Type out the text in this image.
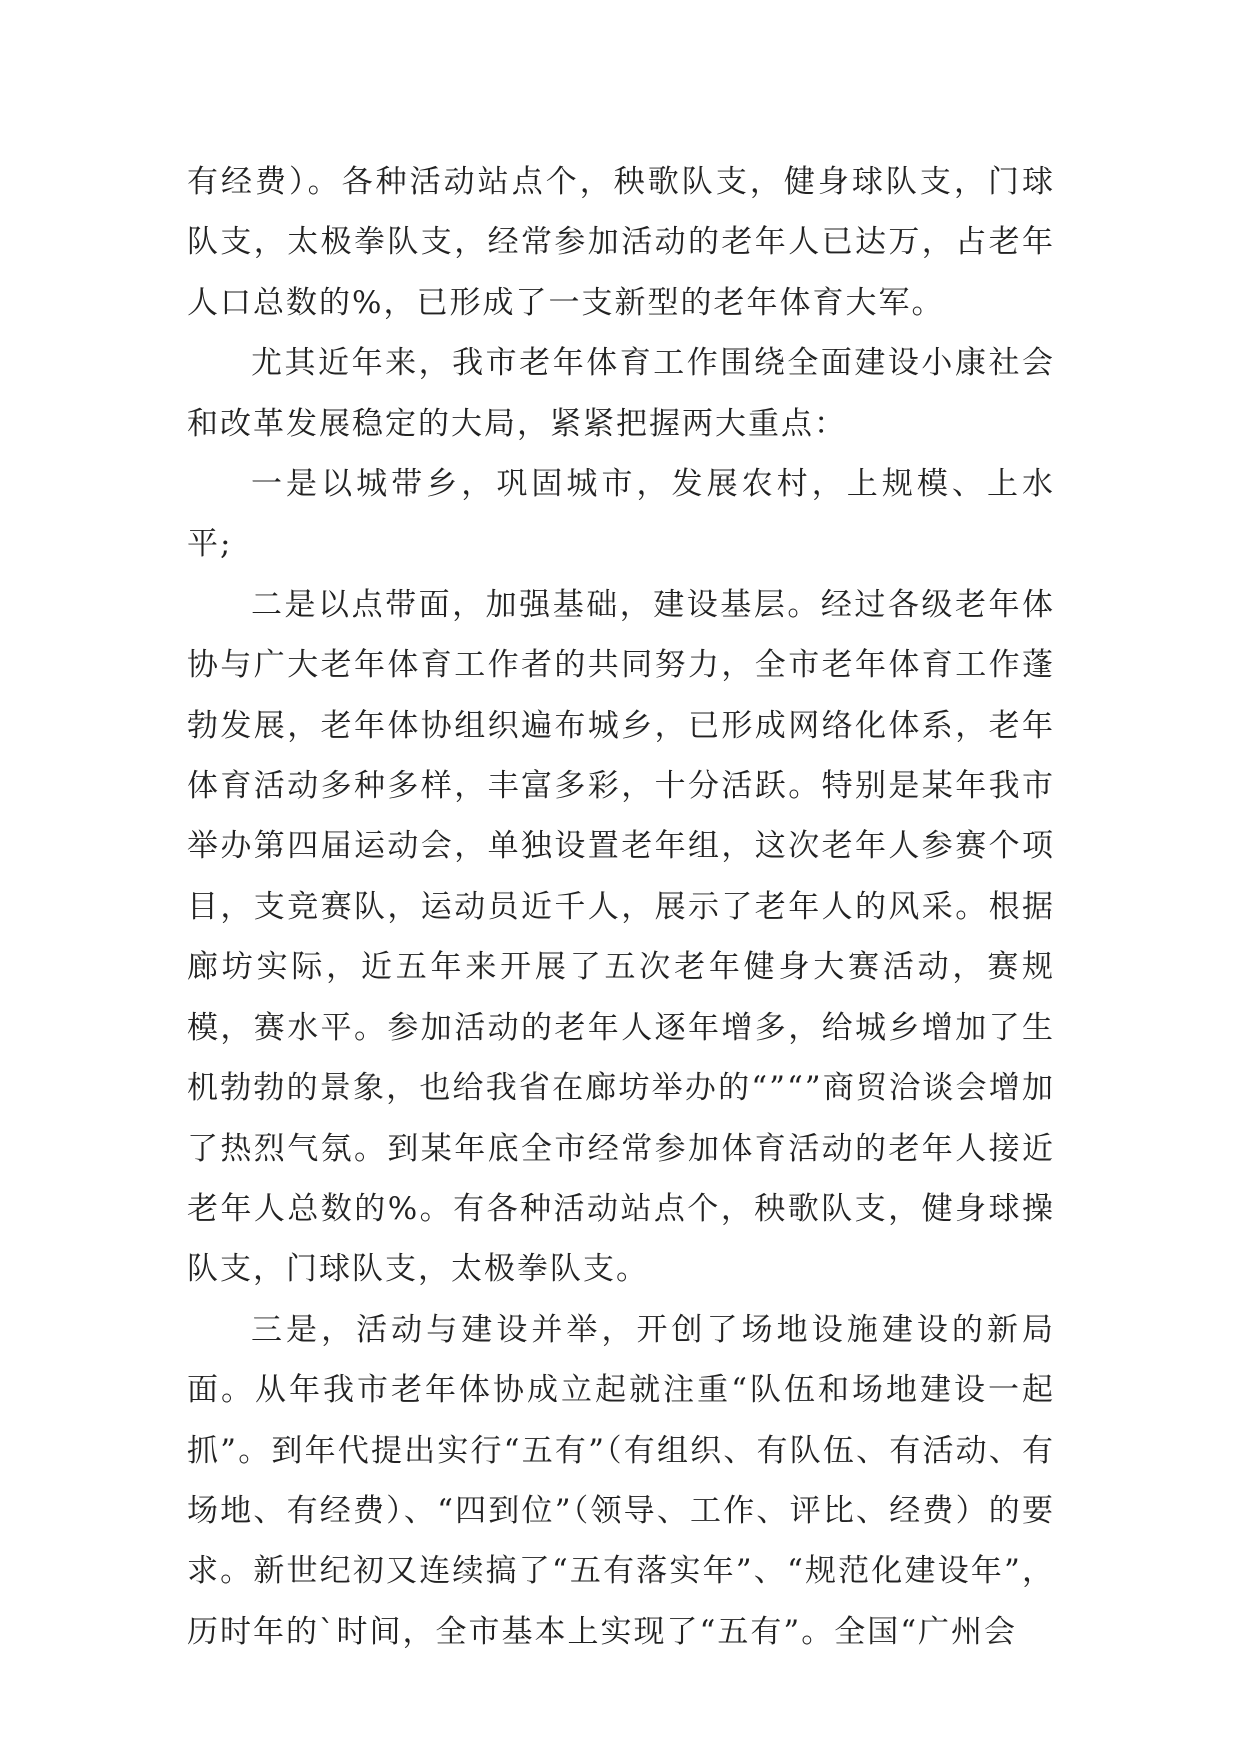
有经费）。各种活动站点个，秧歌队支，健身球队支，门球队支，太极拳队支，经常参加活动的老年人已达万，占老年人口总数的%，已形成了一支新型的老年体育大军。

尤其近年来，我市老年体育工作围绕全面建设小康社会和改革发展稳定的大局，紧紧把握两大重点：

一是以城带乡，巩固城市，发展农村，上规模、上水平;

二是以点带面，加强基础，建设基层。经过各级老年体协与广大老年体育工作者的共同努力，全市老年体育工作蓬勃发展，老年体协组织遍布城乡，已形成网络化体系，老年体育活动多种多样，丰富多彩，十分活跃。特别是某年我市举办第四届运动会，单独设置老年组，这次老年人参赛个项目，支竞赛队，运动员近千人，展示了老年人的风采。根据廊坊实际，近五年来开展了五次老年健身大赛活动，赛规模，赛水平。参加活动的老年人逐年增多，给城乡增加了生机勃勃的景象，也给我省在廊坊举办的“”“”商贸洽谈会增加了热烈气氛。到某年底全市经常参加体育活动的老年人接近老年人总数的%。有各种活动站点个，秧歌队支，健身球操队支，门球队支，太极拳队支。

三是，活动与建设并举，开创了场地设施建设的新局面。从年我市老年体协成立起就注重“队伍和场地建设一起抓”。到年代提出实行“五有”（有组织、有队伍、有活动、有场地、有经费）、“四到位”（领导、工作、评比、经费）的要求。新世纪初又连续搞了“五有落实年”、“规范化建设年”，历时年的`时间，全市基本上实现了“五有”。全国“广州会
